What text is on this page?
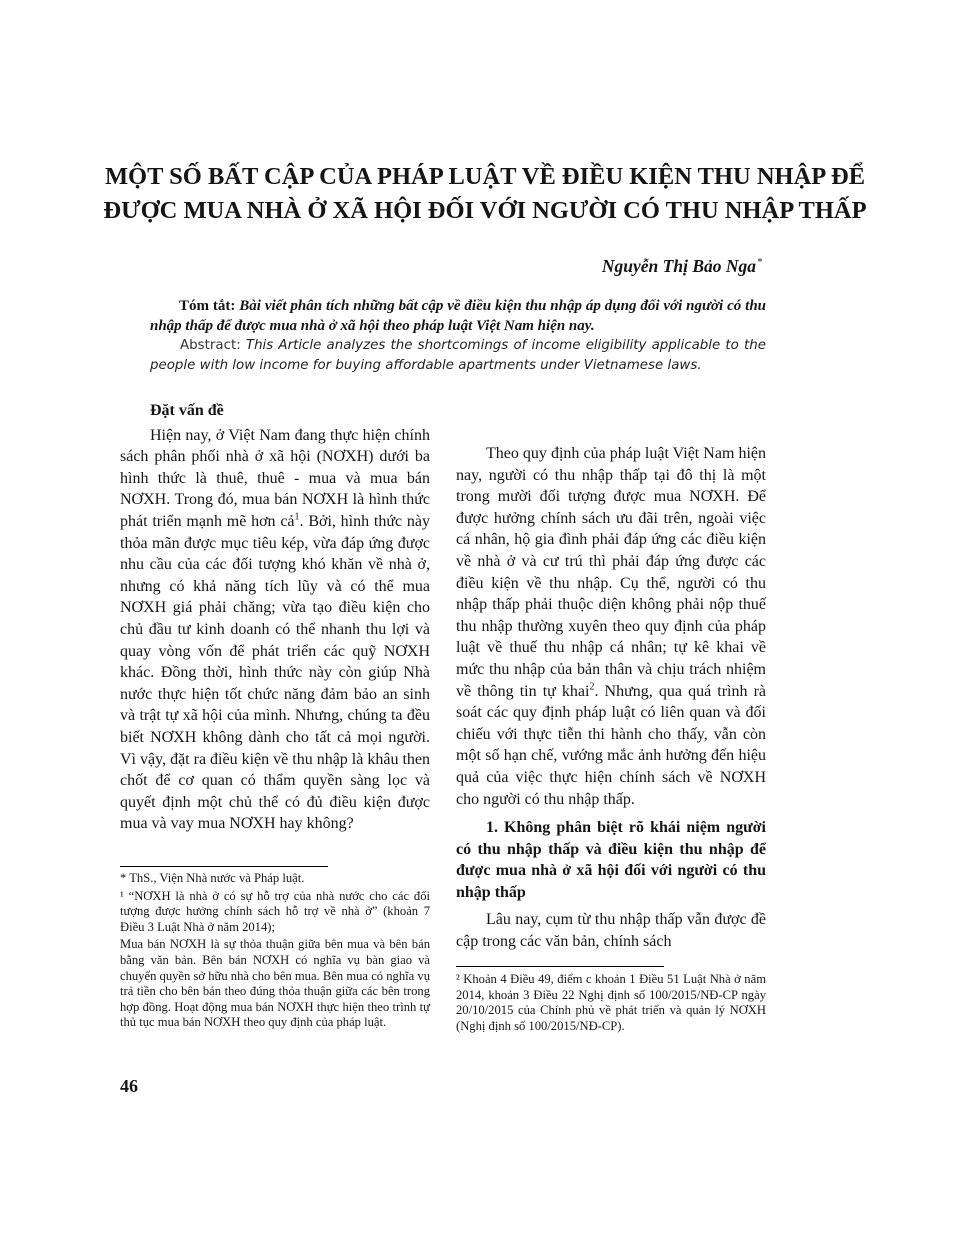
MỘT SỐ BẤT CẬP CỦA PHÁP LUẬT VỀ ĐIỀU KIỆN THU NHẬP ĐỂ ĐƯỢC MUA NHÀ Ở XÃ HỘI ĐỐI VỚI NGƯỜI CÓ THU NHẬP THẤP
Nguyễn Thị Bảo Nga*

Tóm tắt: Bài viết phân tích những bất cập về điều kiện thu nhập áp dụng đối với người có thu nhập thấp để được mua nhà ở xã hội theo pháp luật Việt Nam hiện nay.

Abstract: This Article analyzes the shortcomings of income eligibility applicable to the people with low income for buying affordable apartments under Vietnamese laws.

Đặt vấn đề

Hiện nay, ở Việt Nam đang thực hiện chính sách phân phối nhà ở xã hội (NƠXH) dưới ba hình thức là thuê, thuê - mua và mua bán NƠXH. Trong đó, mua bán NƠXH là hình thức phát triển mạnh mẽ hơn cả$^1$. Bởi, hình thức này thỏa mãn được mục tiêu kép, vừa đáp ứng được nhu cầu của các đối tượng khó khăn về nhà ở, nhưng có khả năng tích lũy và có thể mua NƠXH giá phải chăng; vừa tạo điều kiện cho chủ đầu tư kinh doanh có thể nhanh thu lợi và quay vòng vốn để phát triển các quỹ NƠXH khác. Đồng thời, hình thức này còn giúp Nhà nước thực hiện tốt chức năng đảm bảo an sinh và trật tự xã hội của mình. Nhưng, chúng ta đều biết NƠXH không dành cho tất cả mọi người. Vì vậy, đặt ra điều kiện về thu nhập là khâu then chốt để cơ quan có thẩm quyền sàng lọc và quyết định một chủ thể có đủ điều kiện được mua và vay mua NƠXH hay không?

* ThS., Viện Nhà nước và Pháp luật.

¹ “NƠXH là nhà ở có sự hỗ trợ của nhà nước cho các đối tượng được hưởng chính sách hỗ trợ về nhà ở” (khoản 7 Điều 3 Luật Nhà ở năm 2014);

Mua bán NƠXH là sự thỏa thuận giữa bên mua và bên bán bằng văn bản. Bên bán NƠXH có nghĩa vụ bàn giao và chuyển quyền sở hữu nhà cho bên mua. Bên mua có nghĩa vụ trả tiền cho bên bán theo đúng thỏa thuận giữa các bên trong hợp đồng. Hoạt động mua bán NƠXH thực hiện theo trình tự thủ tục mua bán NƠXH theo quy định của pháp luật.

Theo quy định của pháp luật Việt Nam hiện nay, người có thu nhập thấp tại đô thị là một trong mười đối tượng được mua NƠXH. Để được hưởng chính sách ưu đãi trên, ngoài việc cá nhân, hộ gia đình phải đáp ứng các điều kiện về nhà ở và cư trú thì phải đáp ứng được các điều kiện về thu nhập. Cụ thể, người có thu nhập thấp phải thuộc diện không phải nộp thuế thu nhập thường xuyên theo quy định của pháp luật về thuế thu nhập cá nhân; tự kê khai về mức thu nhập của bản thân và chịu trách nhiệm về thông tin tự khai$^2$. Nhưng, qua quá trình rà soát các quy định pháp luật có liên quan và đối chiếu với thực tiễn thi hành cho thấy, vẫn còn một số hạn chế, vướng mắc ảnh hưởng đến hiệu quả của việc thực hiện chính sách về NƠXH cho người có thu nhập thấp.

1. Không phân biệt rõ khái niệm người có thu nhập thấp và điều kiện thu nhập để được mua nhà ở xã hội đối với người có thu nhập thấp

Lâu nay, cụm từ thu nhập thấp vẫn được đề cập trong các văn bản, chính sách

² Khoản 4 Điều 49, điểm c khoản 1 Điều 51 Luật Nhà ở năm 2014, khoản 3 Điều 22 Nghị định số 100/2015/NĐ-CP ngày 20/10/2015 của Chính phủ về phát triển và quản lý NƠXH (Nghị định số 100/2015/NĐ-CP).

46
